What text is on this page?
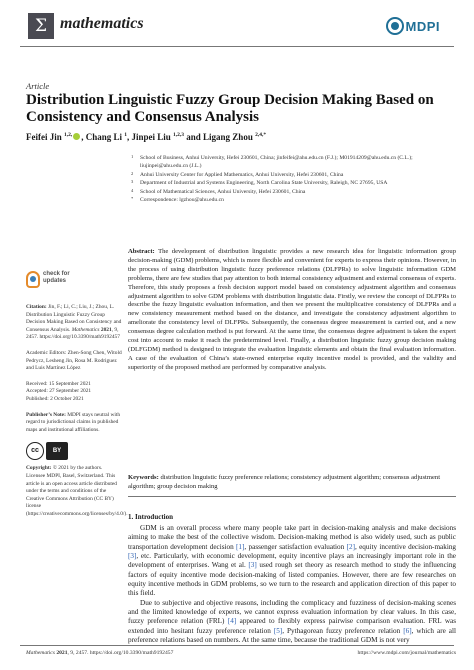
Σ mathematics	MDPI
Article
Distribution Linguistic Fuzzy Group Decision Making Based on Consistency and Consensus Analysis
Feifei Jin $^{1,2,}$ , Chang Li $^1$, Jinpei Liu $^{1,2,3}$ and Ligang Zhou $^{2,4,*}$
1 School of Business, Anhui University, Hefei 230601, China; jinfeifei@ahu.edu.cn (F.J.); M01914209@ahu.edu.cn (C.L.); liujinpei@ahu.edu.cn (J.L.)
2 Anhui University Center for Applied Mathematics, Anhui University, Hefei 230601, China
3 Department of Industrial and Systems Engineering, North Carolina State University, Raleigh, NC 27695, USA
4 School of Mathematical Sciences, Anhui University, Hefei 230601, China
* Correspondence: lgzhou@ahu.edu.cn
Abstract: The development of distribution linguistic provides a new research idea for linguistic information group decision-making (GDM) problems, which is more flexible and convenient for experts to express their opinions. However, in the process of using distribution linguistic fuzzy preference relations (DLFPRs) to solve linguistic information GDM problems, there are few studies that pay attention to both internal consistency adjustment and external consensus of experts. Therefore, this study proposes a fresh decision support model based on consistency adjustment algorithm and consensus adjustment algorithm to solve GDM problems with distribution linguistic data. Firstly, we review the concept of DLFPRs to describe the fuzzy linguistic evaluation information, and then we present the multiplicative consistency of DLFPRs and a new consistency measurement method based on the distance, and investigate the consistency adjustment algorithm to ameliorate the consistency level of DLFPRs. Subsequently, the consensus degree measurement is carried out, and a new consensus degree calculation method is put forward. At the same time, the consensus degree adjustment is taken the expert cost into account to make it reach the predetermined level. Finally, a distribution linguistic fuzzy group decision making (DLFGDM) method is designed to integrate the evaluation linguistic elements and obtain the final evaluation information. A case of the evaluation of China’s state-owned enterprise equity incentive model is provided, and the validity and superiority of the proposed method are performed by comparative analysis.
Keywords: distribution linguistic fuzzy preference relations; consistency adjustment algorithm; consensus adjustment algorithm; group decision making
check for
updates
Citation: Jin, F.; Li, C.; Liu, J.; Zhou, L. Distribution Linguistic Fuzzy Group Decision Making Based on Consistency and Consensus Analysis. Mathematics 2021, 9, 2457. https://doi.org/10.3390/math9192457
Academic Editors: Zhen-Song Chen, Witold Pedrycz, Lesheng Jin, Rosa M. Rodriguez and Luis Martínez López
Received: 15 September 2021
Accepted: 27 September 2021
Published: 2 October 2021
Publisher’s Note: MDPI stays neutral with regard to jurisdictional claims in published maps and institutional affiliations.
cc	BY
Copyright: © 2021 by the authors. Licensee MDPI, Basel, Switzerland. This article is an open access article distributed under the terms and conditions of the Creative Commons Attribution (CC BY) license (https://creativecommons.org/licenses/by/4.0/). 1. Introduction

GDM is an overall process where many people take part in decision-making analysis and make decisions aiming to make the best of the collective wisdom. Decision-making method is also widely used, such as public transportation development decision [1], passenger satisfaction evaluation [2], equity incentive decision-making [3], etc. Particularly, with economic development, equity incentive plays an increasingly important role in the development of enterprises. Wang et al. [3] used rough set theory as research method to study the influencing factors of equity incentive mode decision-making of listed companies. However, there are few researches on equity incentive methods in GDM problems, so we turn to the research and application direction of this paper to this field.

Due to subjective and objective reasons, including the complicacy and fuzziness of decision-making scenes and the limited knowledge of experts, we cannot express evaluation information by clear values. In this case, fuzzy preference relation (FRL) [4] appeared to flexibly express pairwise comparison evaluation. FRL was extended into hesitant fuzzy preference relation [5], Pythagorean fuzzy preference relation [6], which are all preference relations based on numbers. At the same time, because the traditional GDM is not very

Mathematics 2021, 9, 2457. https://doi.org/10.3390/math9192457	https://www.mdpi.com/journal/mathematics
